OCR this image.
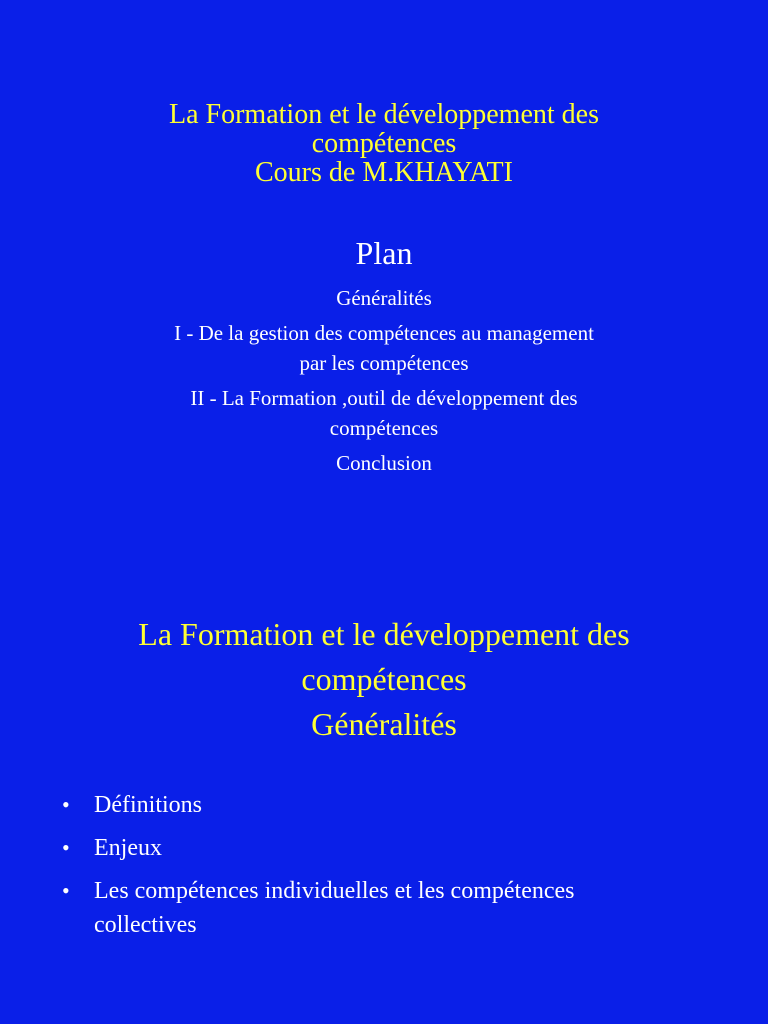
La Formation et le développement des
compétences
Cours de M.KHAYATI
Plan
Généralités
I - De la gestion des compétences au management
par les compétences
II - La Formation ,outil de développement des
compétences
Conclusion
La Formation et le développement des
compétences
Généralités
• Définitions
• Enjeux
• Les compétences individuelles et les compétences
collectives
